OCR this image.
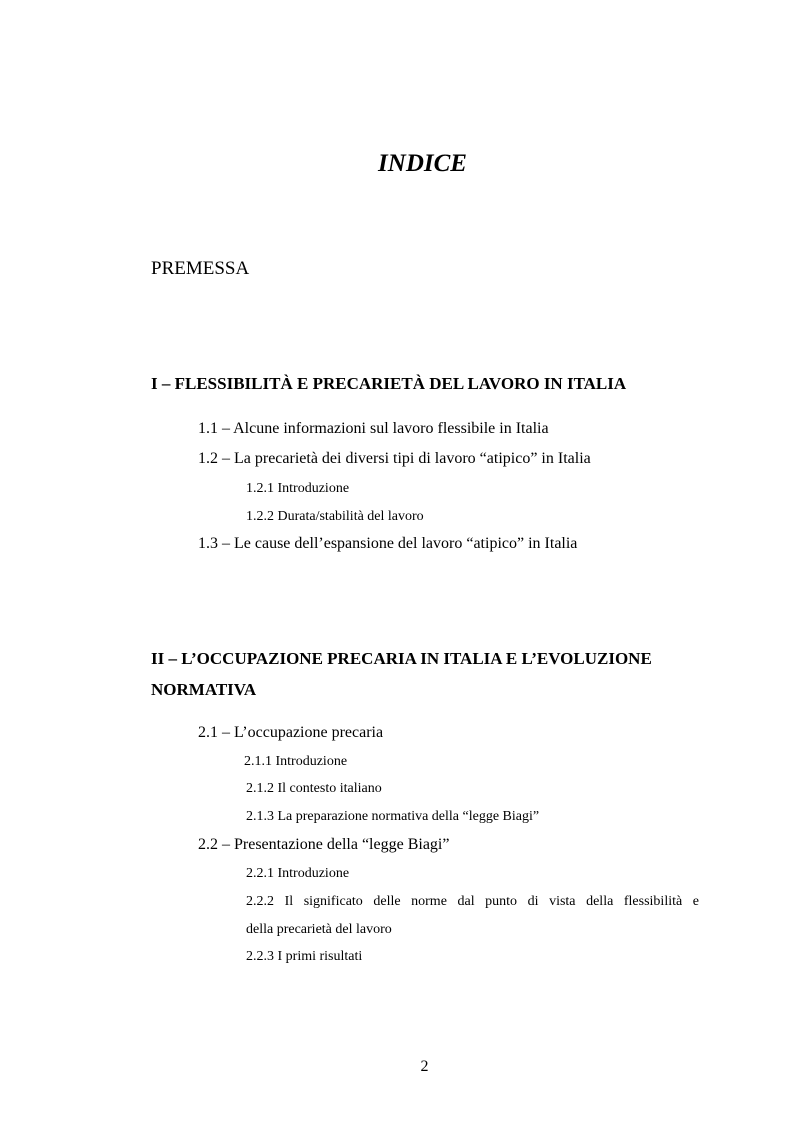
INDICE
PREMESSA
I – FLESSIBILITÀ E PRECARIETÀ DEL LAVORO IN ITALIA
1.1 – Alcune informazioni sul lavoro flessibile in Italia
1.2 – La precarietà dei diversi tipi di lavoro “atipico” in Italia
1.2.1 Introduzione
1.2.2 Durata/stabilità del lavoro
1.3 – Le cause dell’espansione del lavoro “atipico” in Italia
II – L’OCCUPAZIONE PRECARIA IN ITALIA E L’EVOLUZIONE
NORMATIVA
2.1 – L’occupazione precaria
2.1.1 Introduzione
2.1.2 Il contesto italiano
2.1.3 La preparazione normativa della “legge Biagi”
2.2 – Presentazione della “legge Biagi”
2.2.1 Introduzione
2.2.2 Il significato delle norme dal punto di vista della flessibilità e
della precarietà del lavoro
2.2.3 I primi risultati
2
